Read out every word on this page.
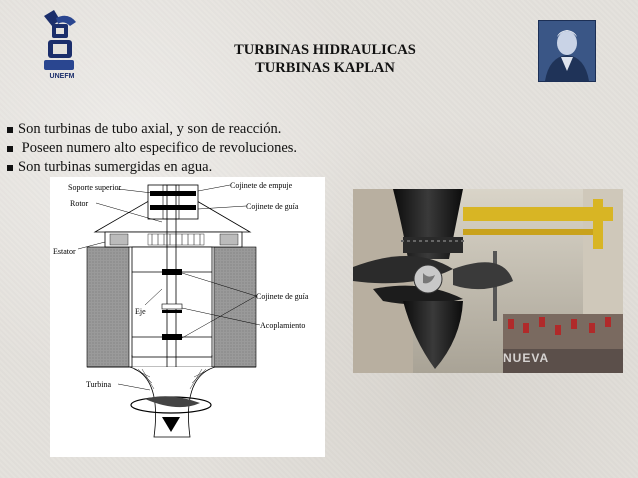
UNEFM
TURBINAS HIDRAULICAS
TURBINAS KAPLAN
Son turbinas de tubo axial, y son de reacción.
Poseen numero alto especifico de revoluciones.
Son turbinas sumergidas en agua.
Soporte superior	Cojinete de empuje
Rotor	Cojinete de guía
Estator
Cojinete de guía
Eje
Acoplamiento
Turbina
NUEVA
